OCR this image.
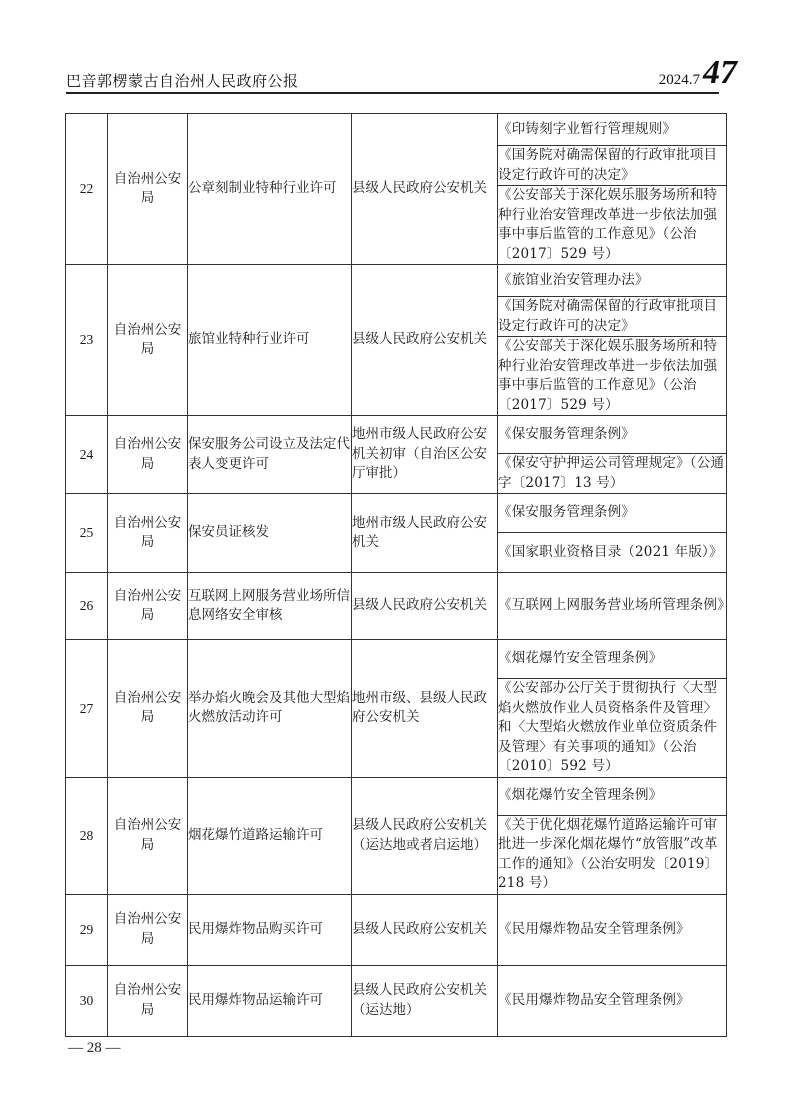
巴音郭楞蒙古自治州人民政府公报	2024.7 47
22	自治州公安局	公章刻制业特种行业许可	县级人民政府公安机关	《印铸刻字业暂行管理规则》
				《国务院对确需保留的行政审批项目设定行政许可的决定》
				《公安部关于深化娱乐服务场所和特种行业治安管理改革进一步依法加强事中事后监管的工作意见》（公治〔2017〕529 号）
23	自治州公安局	旅馆业特种行业许可	县级人民政府公安机关	《旅馆业治安管理办法》
				《国务院对确需保留的行政审批项目设定行政许可的决定》
				《公安部关于深化娱乐服务场所和特种行业治安管理改革进一步依法加强事中事后监管的工作意见》（公治〔2017〕529 号）
24	自治州公安局	保安服务公司设立及法定代表人变更许可	地州市级人民政府公安机关初审（自治区公安厅审批）	《保安服务管理条例》
				《保安守护押运公司管理规定》（公通字〔2017〕13 号）
25	自治州公安局	保安员证核发	地州市级人民政府公安机关	《保安服务管理条例》
				《国家职业资格目录（2021 年版）》
26	自治州公安局	互联网上网服务营业场所信息网络安全审核	县级人民政府公安机关	《互联网上网服务营业场所管理条例》
27	自治州公安局	举办焰火晚会及其他大型焰火燃放活动许可	地州市级、县级人民政府公安机关	《烟花爆竹安全管理条例》
				《公安部办公厅关于贯彻执行〈大型焰火燃放作业人员资格条件及管理〉和〈大型焰火燃放作业单位资质条件及管理〉有关事项的通知》（公治〔2010〕592 号）
28	自治州公安局	烟花爆竹道路运输许可	县级人民政府公安机关（运达地或者启运地）	《烟花爆竹安全管理条例》
				《关于优化烟花爆竹道路运输许可审批进一步深化烟花爆竹“放管服”改革工作的通知》（公治安明发〔2019〕218 号）
29	自治州公安局	民用爆炸物品购买许可	县级人民政府公安机关	《民用爆炸物品安全管理条例》
30	自治州公安局	民用爆炸物品运输许可	县级人民政府公安机关（运达地）	《民用爆炸物品安全管理条例》
— 28 —
